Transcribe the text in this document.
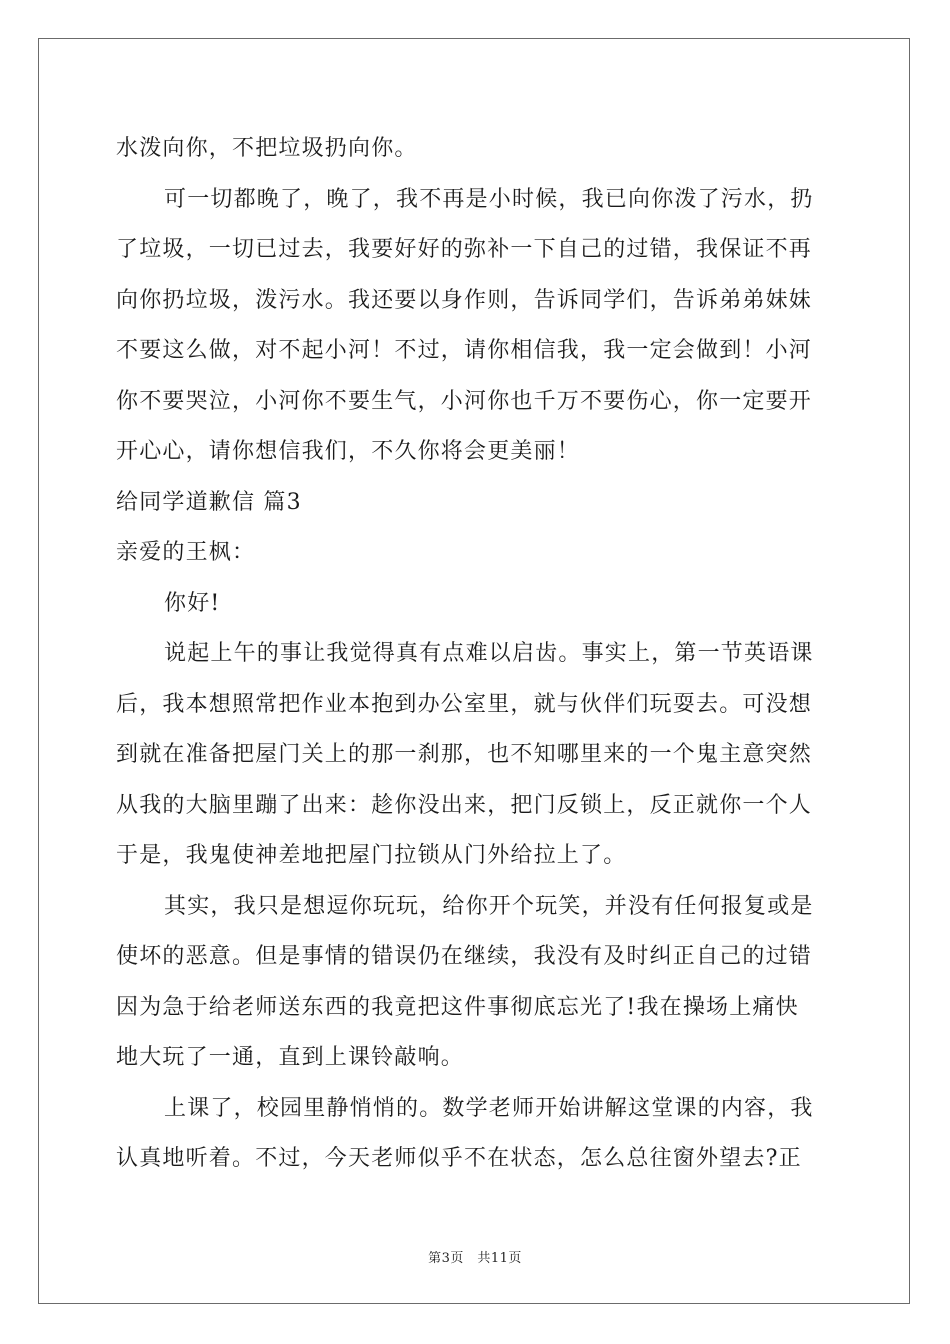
水泼向你，不把垃圾扔向你。
可一切都晚了，晚了，我不再是小时候，我已向你泼了污水，扔
了垃圾，一切已过去，我要好好的弥补一下自己的过错，我保证不再
向你扔垃圾，泼污水。我还要以身作则，告诉同学们，告诉弟弟妹妹
不要这么做，对不起小河！不过，请你相信我，我一定会做到！小河
你不要哭泣，小河你不要生气，小河你也千万不要伤心，你一定要开
开心心，请你想信我们，不久你将会更美丽！
给同学道歉信 篇3
亲爱的王枫：
你好!
说起上午的事让我觉得真有点难以启齿。事实上，第一节英语课
后，我本想照常把作业本抱到办公室里，就与伙伴们玩耍去。可没想
到就在准备把屋门关上的那一刹那，也不知哪里来的一个鬼主意突然
从我的大脑里蹦了出来：趁你没出来，把门反锁上，反正就你一个人
于是，我鬼使神差地把屋门拉锁从门外给拉上了。
其实，我只是想逗你玩玩，给你开个玩笑，并没有任何报复或是
使坏的恶意。但是事情的错误仍在继续，我没有及时纠正自己的过错
因为急于给老师送东西的我竟把这件事彻底忘光了!我在操场上痛快
地大玩了一通，直到上课铃敲响。
上课了，校园里静悄悄的。数学老师开始讲解这堂课的内容，我
认真地听着。不过，今天老师似乎不在状态，怎么总往窗外望去?正
第3页　共11页
